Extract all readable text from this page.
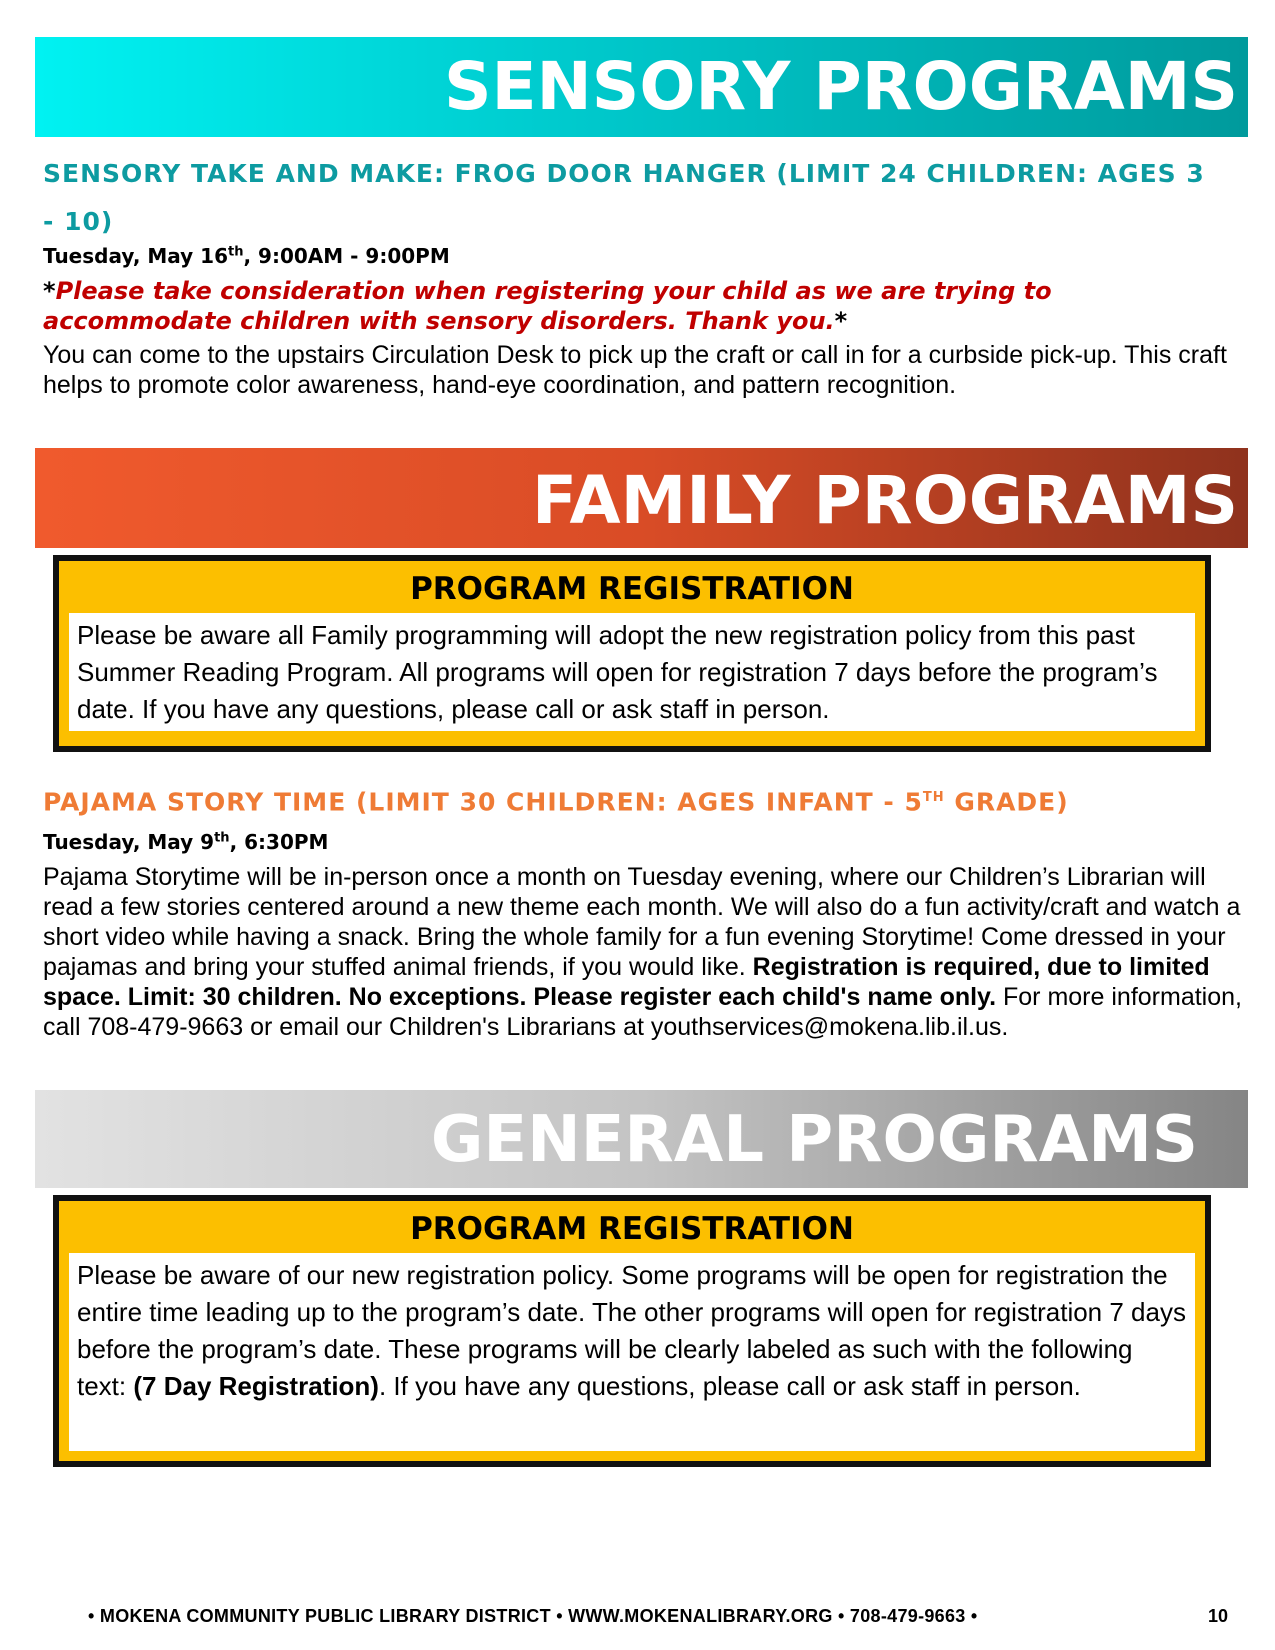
SENSORY PROGRAMS
SENSORY TAKE AND MAKE: FROG DOOR HANGER (LIMIT 24 CHILDREN: AGES 3 - 10)
Tuesday, May 16th, 9:00AM - 9:00PM
*Please take consideration when registering your child as we are trying to accommodate children with sensory disorders. Thank you.*
You can come to the upstairs Circulation Desk to pick up the craft or call in for a curbside pick-up. This craft helps to promote color awareness, hand-eye coordination, and pattern recognition.
FAMILY PROGRAMS
PROGRAM REGISTRATION
Please be aware all Family programming will adopt the new registration policy from this past Summer Reading Program. All programs will open for registration 7 days before the program’s date. If you have any questions, please call or ask staff in person.
PAJAMA STORY TIME (LIMIT 30 CHILDREN: AGES INFANT - 5TH GRADE)
Tuesday, May 9th, 6:30PM
Pajama Storytime will be in-person once a month on Tuesday evening, where our Children’s Librarian will read a few stories centered around a new theme each month. We will also do a fun activity/craft and watch a short video while having a snack. Bring the whole family for a fun evening Storytime! Come dressed in your pajamas and bring your stuffed animal friends, if you would like. Registration is required, due to limited space. Limit: 30 children. No exceptions. Please register each child's name only. For more information, call 708-479-9663 or email our Children's Librarians at youthservices@mokena.lib.il.us.
GENERAL PROGRAMS
PROGRAM REGISTRATION
Please be aware of our new registration policy. Some programs will be open for registration the entire time leading up to the program’s date. The other programs will open for registration 7 days before the program’s date. These programs will be clearly labeled as such with the following text: (7 Day Registration). If you have any questions, please call or ask staff in person.
• MOKENA COMMUNITY PUBLIC LIBRARY DISTRICT • WWW.MOKENALIBRARY.ORG • 708-479-9663 •	10
